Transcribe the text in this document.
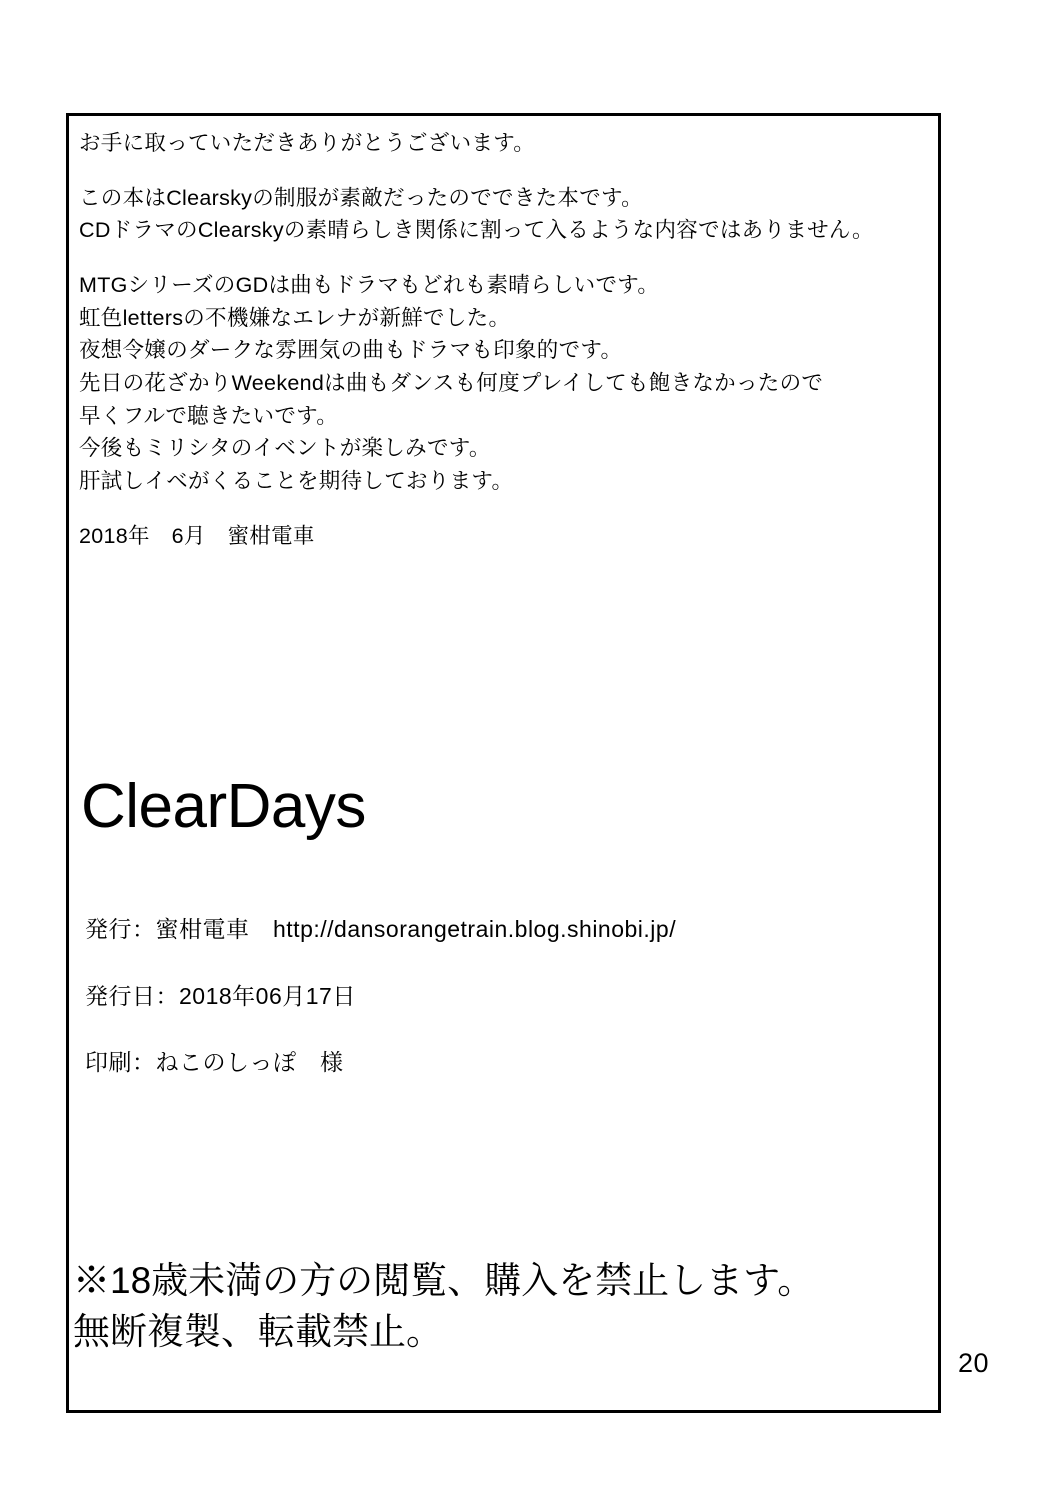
お手に取っていただきありがとうございます。

この本はClearskyの制服が素敵だったのでできた本です。

CDドラマのClearskyの素晴らしき関係に割って入るような内容ではありません。

MTGシリーズのGDは曲もドラマもどれも素晴らしいです。

虹色lettersの不機嫌なエレナが新鮮でした。

夜想令嬢のダークな雰囲気の曲もドラマも印象的です。

先日の花ざかりWeekendは曲もダンスも何度プレイしても飽きなかったので

早くフルで聴きたいです。

今後もミリシタのイベントが楽しみです。

肝試しイベがくることを期待しております。

2018年　6月　蜜柑電車

ClearDays
発行：蜜柑電車　http://dansorangetrain.blog.shinobi.jp/
発行日：2018年06月17日
印刷：ねこのしっぽ　様
※18歳未満の方の閲覧、購入を禁止します。
無断複製、転載禁止。
20
